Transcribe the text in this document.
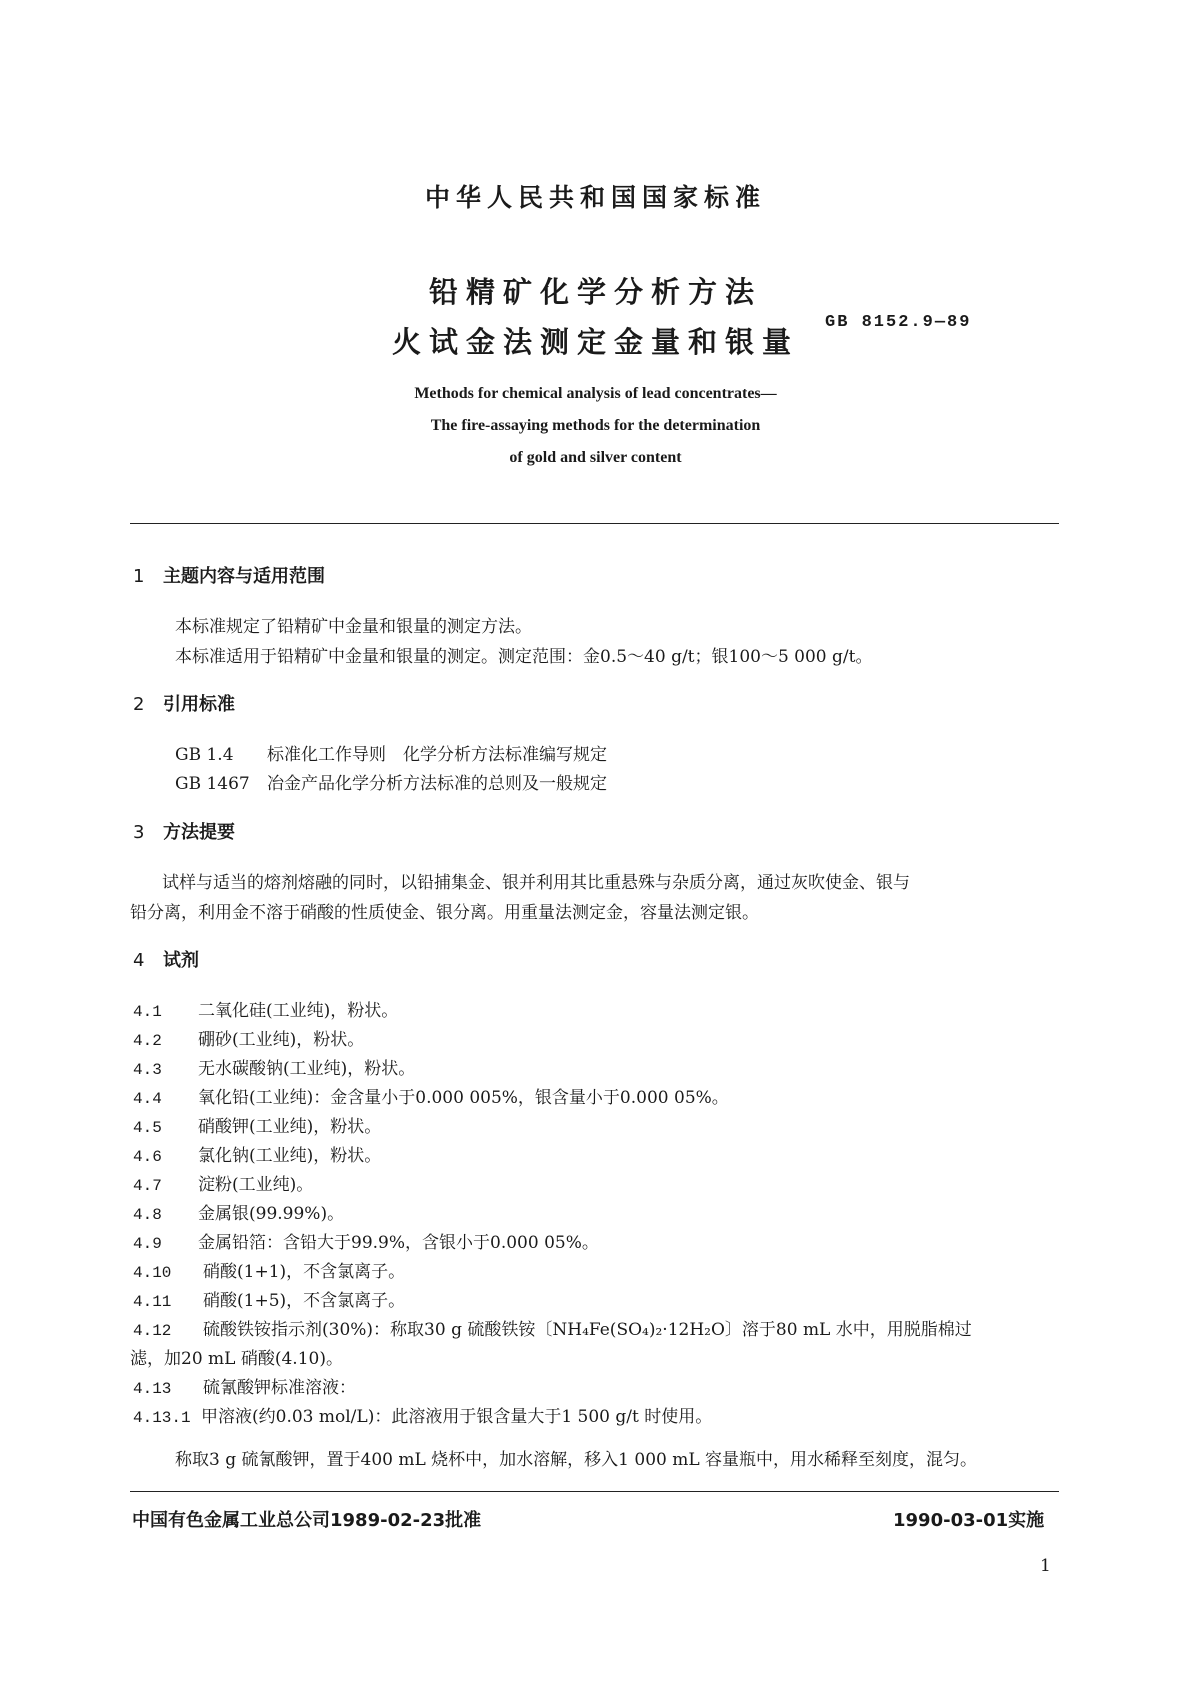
中华人民共和国国家标准
铅精矿化学分析方法
火试金法测定金量和银量
GB 8152.9—89
Methods for chemical analysis of lead concentrates—
The fire-assaying methods for the determination
of gold and silver content
1 主题内容与适用范围
本标准规定了铅精矿中金量和银量的测定方法。
本标准适用于铅精矿中金量和银量的测定。测定范围：金0.5～40 g/t；银100～5 000 g/t。
2 引用标准
GB 1.4 标准化工作导则　化学分析方法标准编写规定
GB 1467 冶金产品化学分析方法标准的总则及一般规定
3 方法提要
试样与适当的熔剂熔融的同时，以铅捕集金、银并利用其比重悬殊与杂质分离，通过灰吹使金、银与
铅分离，利用金不溶于硝酸的性质使金、银分离。用重量法测定金，容量法测定银。
4 试剂
4.1 二氧化硅(工业纯)，粉状。
4.2 硼砂(工业纯)，粉状。
4.3 无水碳酸钠(工业纯)，粉状。
4.4 氧化铅(工业纯)：金含量小于0.000 005%，银含量小于0.000 05%。
4.5 硝酸钾(工业纯)，粉状。
4.6 氯化钠(工业纯)，粉状。
4.7 淀粉(工业纯)。
4.8 金属银(99.99%)。
4.9 金属铅箔：含铅大于99.9%，含银小于0.000 05%。
4.10 硝酸(1+1)，不含氯离子。
4.11 硝酸(1+5)，不含氯离子。
4.12 硫酸铁铵指示剂(30%)：称取30 g 硫酸铁铵〔NH₄Fe(SO₄)₂·12H₂O〕溶于80 mL 水中，用脱脂棉过
滤，加20 mL 硝酸(4.10)。
4.13 硫氰酸钾标准溶液：
4.13.1 甲溶液(约0.03 mol/L)：此溶液用于银含量大于1 500 g/t 时使用。
称取3 g 硫氰酸钾，置于400 mL 烧杯中，加水溶解，移入1 000 mL 容量瓶中，用水稀释至刻度，混匀。
中国有色金属工业总公司1989-02-23批准	1990-03-01实施
1
